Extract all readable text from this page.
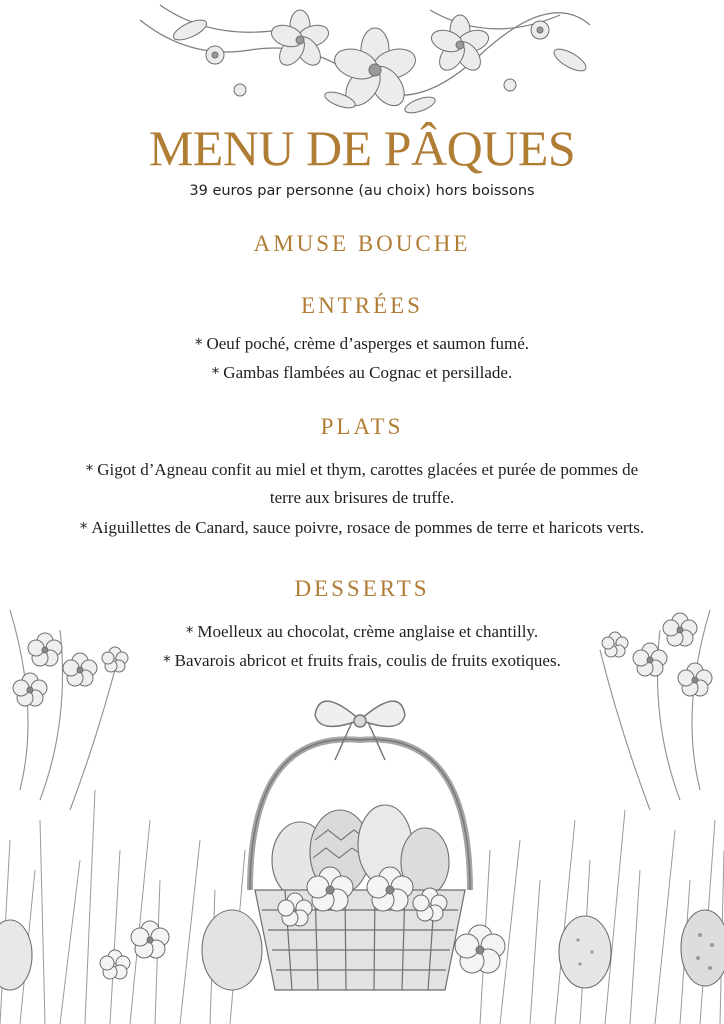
MENU DE PÂQUES
39 euros par personne (au choix) hors boissons
AMUSE BOUCHE
ENTRÉES
* Oeuf poché, crème d’asperges et saumon fumé.
* Gambas flambées au Cognac et persillade.
PLATS
* Gigot d’Agneau confit au miel et thym, carottes glacées et purée de pommes de
terre aux brisures de truffe.
* Aiguillettes de Canard, sauce poivre, rosace de pommes de terre et haricots verts.
DESSERTS
* Moelleux au chocolat, crème anglaise et chantilly.
* Bavarois abricot et fruits frais, coulis de fruits exotiques.
